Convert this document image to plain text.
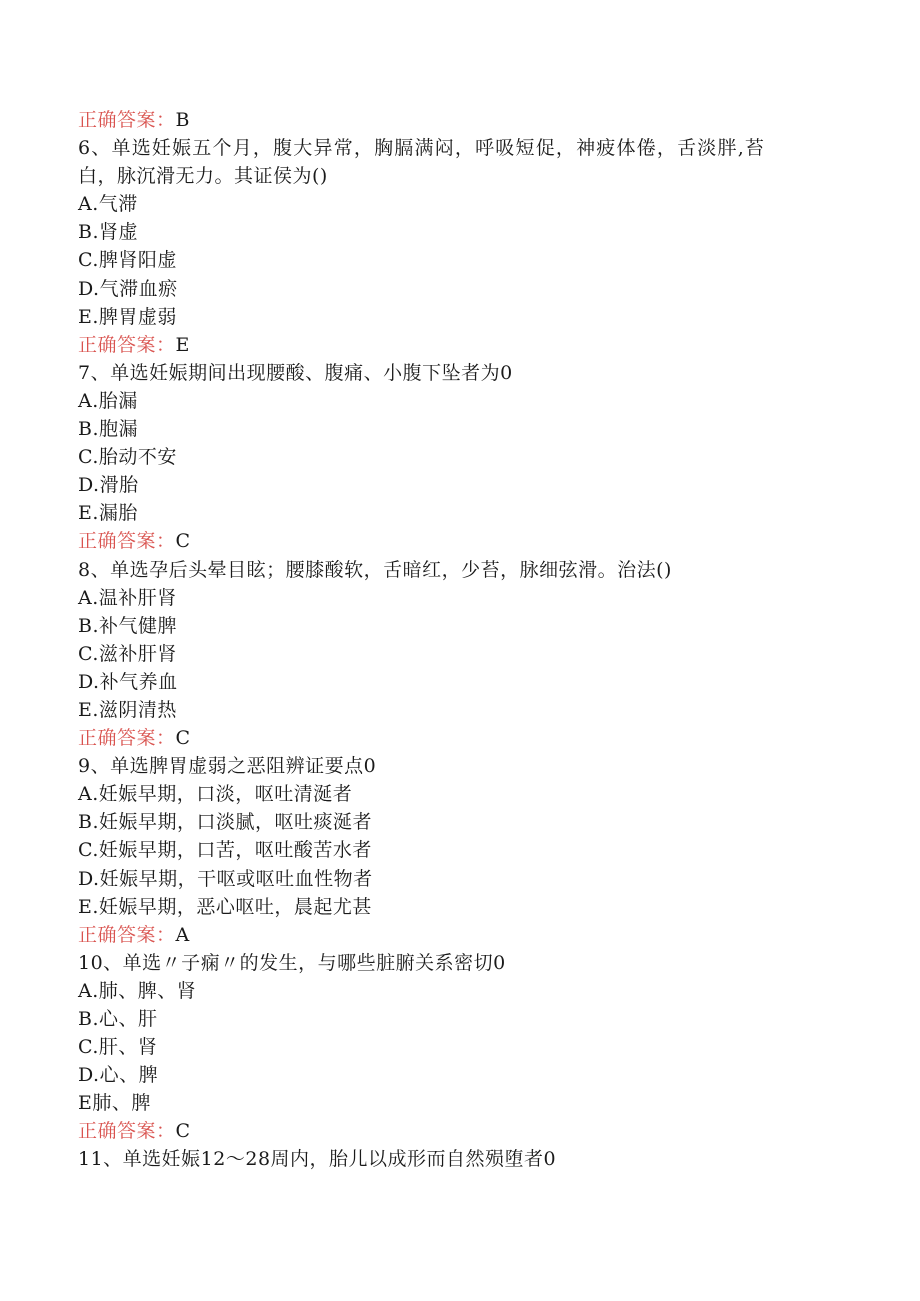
正确答案：B
6、单选妊娠五个月，腹大异常，胸膈满闷，呼吸短促，神疲体倦，舌淡胖,苔
白，脉沉滑无力。其证侯为()
A.气滞
B.肾虚
C.脾肾阳虚
D.气滞血瘀
E.脾胃虚弱
正确答案：E
7、单选妊娠期间出现腰酸、腹痛、小腹下坠者为0
A.胎漏
B.胞漏
C.胎动不安
D.滑胎
E.漏胎
正确答案：C
8、单选孕后头晕目眩；腰膝酸软，舌暗红，少苔，脉细弦滑。治法()
A.温补肝肾
B.补气健脾
C.滋补肝肾
D.补气养血
E.滋阴清热
正确答案：C
9、单选脾胃虚弱之恶阻辨证要点0
A.妊娠早期，口淡，呕吐清涎者
B.妊娠早期，口淡腻，呕吐痰涎者
C.妊娠早期，口苦，呕吐酸苦水者
D.妊娠早期，干呕或呕吐血性物者
E.妊娠早期，恶心呕吐，晨起尤甚
正确答案：A
10、单选〃子痫〃的发生，与哪些脏腑关系密切0
A.肺、脾、肾
B.心、肝
C.肝、肾
D.心、脾
E肺、脾
正确答案：C
11、单选妊娠12～28周内，胎儿以成形而自然殒堕者0
